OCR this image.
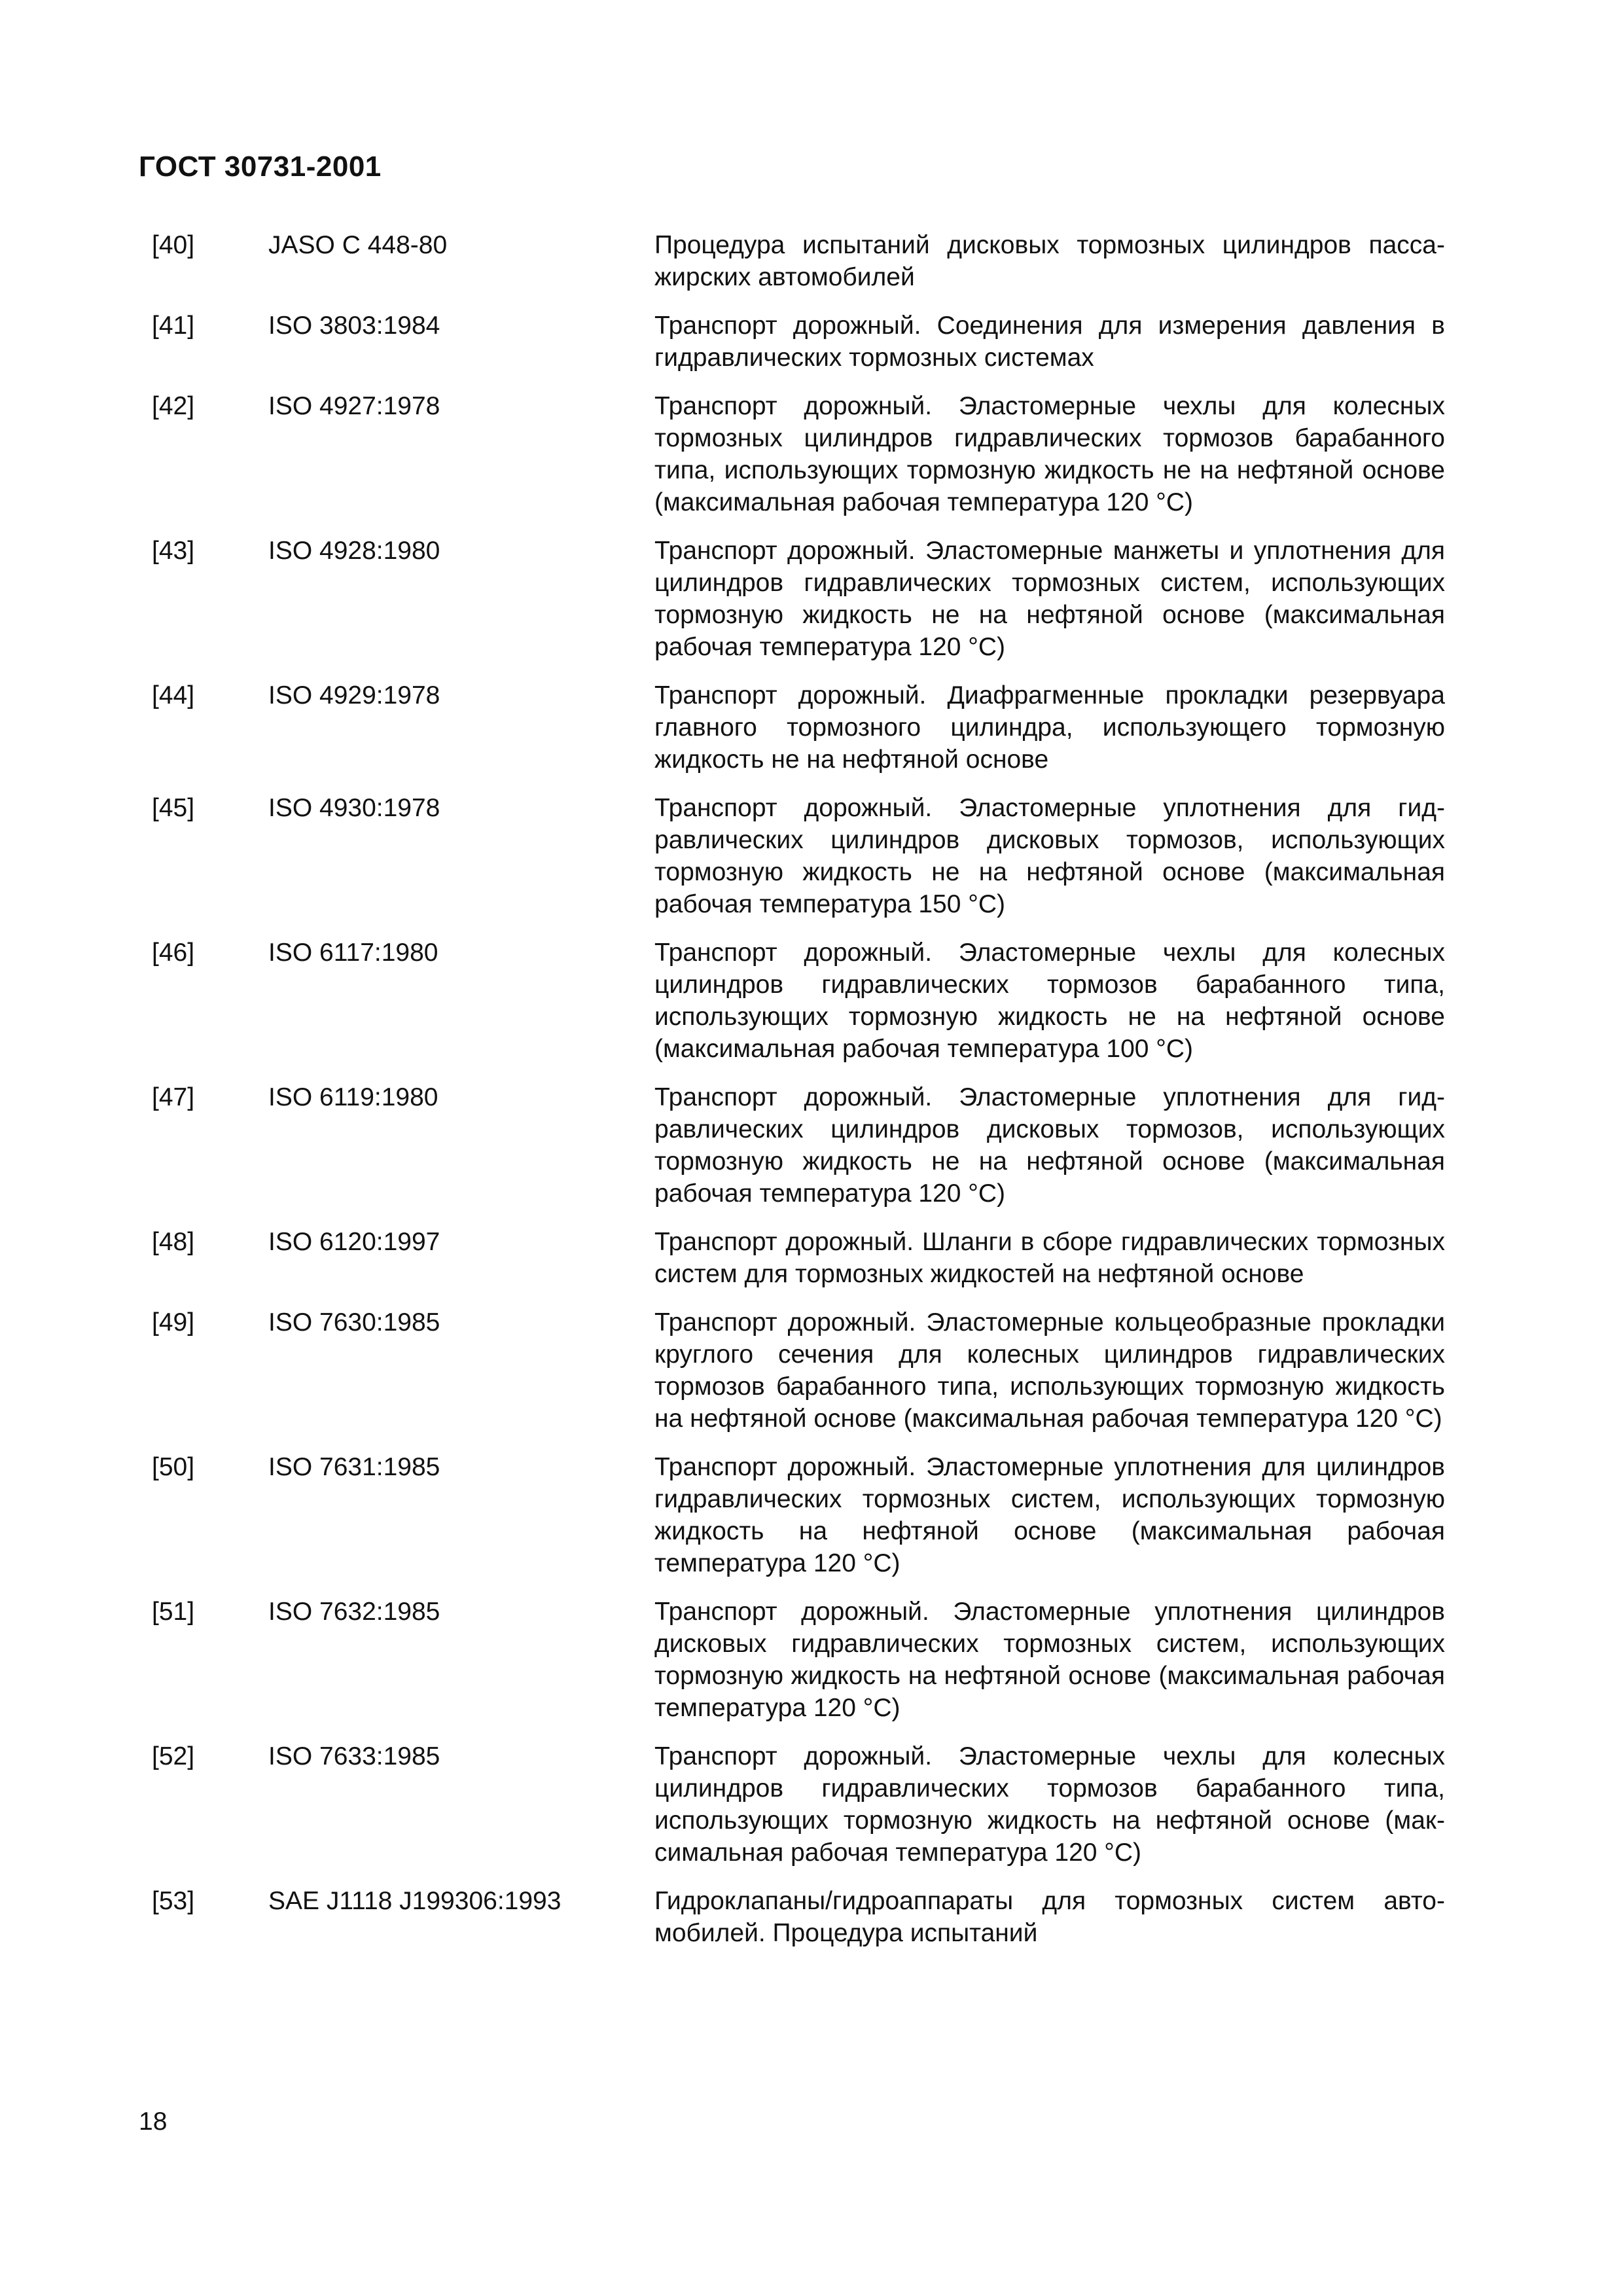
ГОСТ 30731-2001
[40]	JASO C 448-80	Процедура испытаний дисковых тормозных цилиндров пассажирских автомобилей
[41]	ISO 3803:1984	Транспорт дорожный. Соединения для измерения давления в гидравлических тормозных системах
[42]	ISO 4927:1978	Транспорт дорожный. Эластомерные чехлы для колесных тормозных цилиндров гидравлических тормозов барабанного типа, использующих тормозную жидкость не на нефтяной основе (максимальная рабочая температура 120 °С)
[43]	ISO 4928:1980	Транспорт дорожный. Эластомерные манжеты и уплотнения для цилиндров гидравлических тормозных систем, использующих тормозную жидкость не на нефтяной основе (максимальная рабочая температура 120 °С)
[44]	ISO 4929:1978	Транспорт дорожный. Диафрагменные прокладки резервуара главного тормозного цилиндра, использующего тормозную жидкость не на нефтяной основе
[45]	ISO 4930:1978	Транспорт дорожный. Эластомерные уплотнения для гидравлических цилиндров дисковых тормозов, использующих тормозную жидкость не на нефтяной основе (максимальная рабочая температура 150 °С)
[46]	ISO 6117:1980	Транспорт дорожный. Эластомерные чехлы для колесных цилиндров гидравлических тормозов барабанного типа, использующих тормозную жидкость не на нефтяной основе (максимальная рабочая температура 100 °С)
[47]	ISO 6119:1980	Транспорт дорожный. Эластомерные уплотнения для гидравлических цилиндров дисковых тормозов, использующих тормозную жидкость не на нефтяной основе (максимальная рабочая температура 120 °С)
[48]	ISO 6120:1997	Транспорт дорожный. Шланги в сборе гидравлических тормозных систем для тормозных жидкостей на нефтяной основе
[49]	ISO 7630:1985	Транспорт дорожный. Эластомерные кольцеобразные прокладки круглого сечения для колесных цилиндров гидравлических тормозов барабанного типа, использующих тормозную жидкость на нефтяной основе (максимальная рабочая температура 120 °С)
[50]	ISO 7631:1985	Транспорт дорожный. Эластомерные уплотнения для цилиндров гидравлических тормозных систем, использующих тормозную жидкость на нефтяной основе (максимальная рабочая температура 120 °С)
[51]	ISO 7632:1985	Транспорт дорожный. Эластомерные уплотнения цилиндров дисковых гидравлических тормозных систем, использующих тормозную жидкость на нефтяной основе (максимальная рабочая температура 120 °С)
[52]	ISO 7633:1985	Транспорт дорожный. Эластомерные чехлы для колесных цилиндров гидравлических тормозов барабанного типа, использующих тормозную жидкость на нефтяной основе (максимальная рабочая температура 120 °С)
[53]	SAE J1118 J199306:1993	Гидроклапаны/гидроаппараты для тормозных систем автомобилей. Процедура испытаний
18
